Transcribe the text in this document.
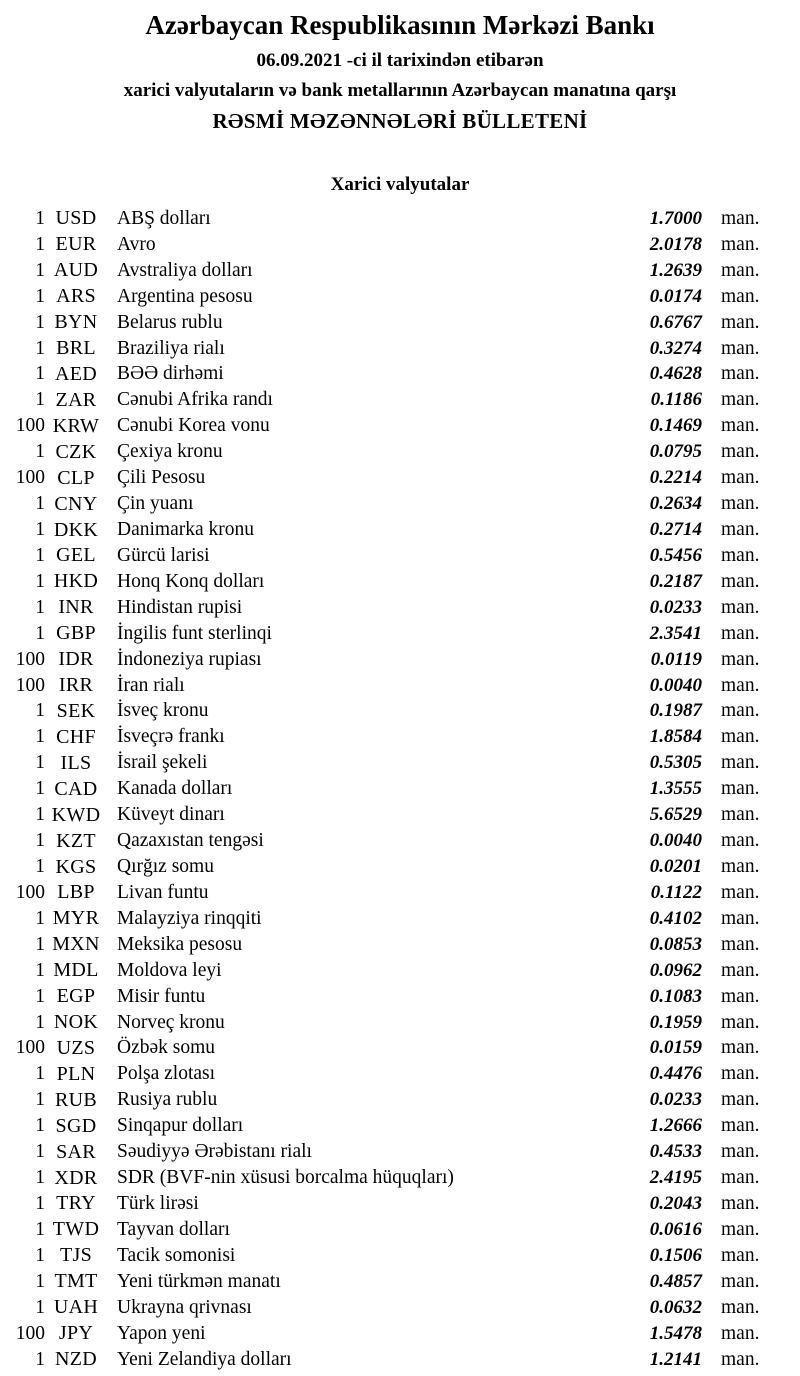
Azərbaycan Respublikasının Mərkəzi Bankı
06.09.2021 -ci il tarixindən etibarən
xarici valyutaların və bank metallarının Azərbaycan manatına qarşı
RƏSMİ MƏZƏNNƏLƏRİ BÜLLETENİ
Xarici valyutalar
1 USD	ABŞ dolları	1.7000 man.
1 EUR	Avro	2.0178 man.
1 AUD Avstraliya dolları	1.2639 man.
1 ARS	Argentina pesosu	0.0174 man.
1 BYN Belarus rublu	0.6767 man.
1 BRL	Braziliya rialı	0.3274 man.
1 AED	BƏƏ dirhəmi	0.4628 man.
1 ZAR	Cənubi Afrika randı	0.1186 man.
100 KRW Cənubi Korea vonu	0.1469 man.
1 CZK	Çexiya kronu	0.0795 man.
100 CLP	Çili Pesosu	0.2214 man.
1 CNY Çin yuanı	0.2634 man.
1 DKK Danimarka kronu	0.2714 man.
1 GEL	Gürcü larisi	0.5456 man.
1 HKD Honq Konq dolları	0.2187 man.
1 INR	Hindistan rupisi	0.0233 man.
1 GBP	İngilis funt sterlinqi	2.3541 man.
100 IDR	İndoneziya rupiası	0.0119 man.
100 IRR	İran rialı	0.0040 man.
1 SEK	İsveç kronu	0.1987 man.
1 CHF	İsveçrə frankı	1.8584 man.
1 ILS	İsrail şekeli	0.5305 man.
1 CAD Kanada dolları	1.3555 man.
1 KWD Küveyt dinarı	5.6529 man.
1 KZT	Qazaxıstan tengəsi	0.0040 man.
1 KGS	Qırğız somu	0.0201 man.
100 LBP	Livan funtu	0.1122 man.
1 MYR Malayziya rinqqiti	0.4102 man.
1 MXN Meksika pesosu	0.0853 man.
1 MDL Moldova leyi	0.0962 man.
1 EGP	Misir funtu	0.1083 man.
1 NOK Norveç kronu	0.1959 man.
100 UZS	Özbək somu	0.0159 man.
1 PLN	Polşa zlotası	0.4476 man.
1 RUB	Rusiya rublu	0.0233 man.
1 SGD	Sinqapur dolları	1.2666 man.
1 SAR	Səudiyyə Ərəbistanı rialı	0.4533 man.
1 XDR SDR (BVF-nin xüsusi borcalma hüquqları)	2.4195 man.
1 TRY	Türk lirəsi	0.2043 man.
1 TWD Tayvan dolları	0.0616 man.
1 TJS	Tacik somonisi	0.1506 man.
1 TMT Yeni türkmən manatı	0.4857 man.
1 UAH Ukrayna qrivnası	0.0632 man.
100 JPY	Yapon yeni	1.5478 man.
1 NZD	Yeni Zelandiya dolları	1.2141 man.
